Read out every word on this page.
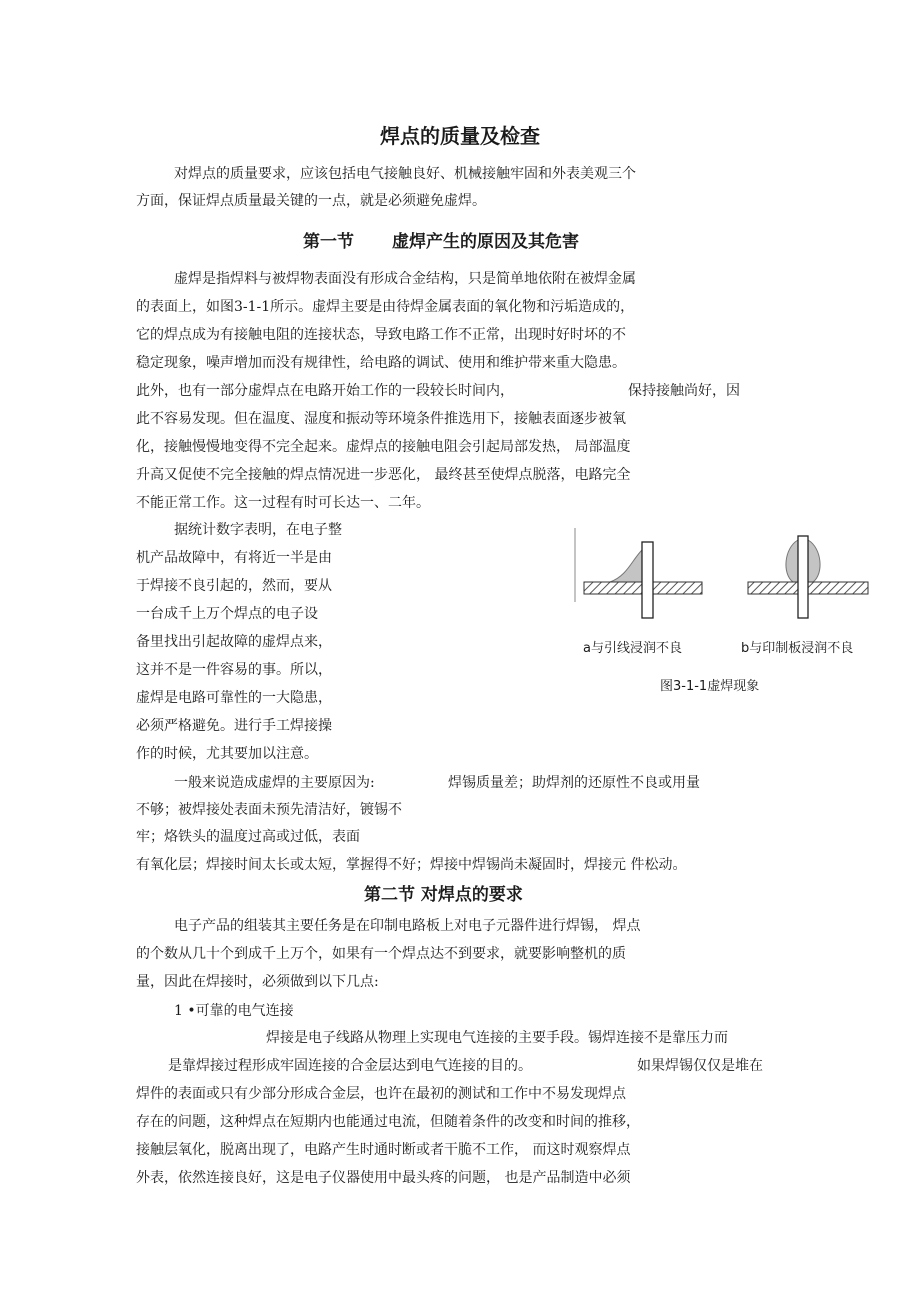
焊点的质量及检查
对焊点的质量要求，应该包括电气接触良好、机械接触牢固和外表美观三个
方面，保证焊点质量最关键的一点，就是必须避免虚焊。
第一节 虚焊产生的原因及其危害
虚焊是指焊料与被焊物表面没有形成合金结构，只是简单地依附在被焊金属
的表面上，如图3-1-1所示。虚焊主要是由待焊金属表面的氧化物和污垢造成的，
它的焊点成为有接触电阻的连接状态，导致电路工作不正常，出现时好时坏的不
稳定现象，噪声增加而没有规律性，给电路的调试、使用和维护带来重大隐患。
此外，也有一部分虚焊点在电路开始工作的一段较长时间内，	保持接触尚好，因
此不容易发现。但在温度、湿度和振动等环境条件推选用下，接触表面逐步被氧
化，接触慢慢地变得不完全起来。虚焊点的接触电阻会引起局部发热， 局部温度
升高又促使不完全接触的焊点情况进一步恶化， 最终甚至使焊点脱落，电路完全
不能正常工作。这一过程有时可长达一、二年。
据统计数字表明，在电子整
机产品故障中，有将近一半是由
于焊接不良引起的，然而，要从
一台成千上万个焊点的电子设
备里找出引起故障的虚焊点来，
这并不是一件容易的事。所以，
虚焊是电路可靠性的一大隐患，
必须严格避免。进行手工焊接操
作的时候，尤其要加以注意。
a与引线浸润不良	b与印制板浸润不良
图3-1-1虚焊现象
一般来说造成虚焊的主要原因为:	焊锡质量差；助焊剂的还原性不良或用量
不够；被焊接处表面未预先清洁好，镀锡不
牢；烙铁头的温度过高或过低，表面
有氧化层；焊接时间太长或太短，掌握得不好；焊接中焊锡尚未凝固时，焊接元 件松动。
第二节 对焊点的要求
电子产品的组装其主要任务是在印制电路板上对电子元器件进行焊锡， 焊点
的个数从几十个到成千上万个，如果有一个焊点达不到要求，就要影响整机的质
量，因此在焊接时，必须做到以下几点:
1 •可靠的电气连接
焊接是电子线路从物理上实现电气连接的主要手段。锡焊连接不是靠压力而
是靠焊接过程形成牢固连接的合金层达到电气连接的目的。	如果焊锡仅仅是堆在
焊件的表面或只有少部分形成合金层，也许在最初的测试和工作中不易发现焊点
存在的问题，这种焊点在短期内也能通过电流，但随着条件的改变和时间的推移，
接触层氧化，脱离出现了，电路产生时通时断或者干脆不工作， 而这时观察焊点
外表，依然连接良好，这是电子仪器使用中最头疼的问题， 也是产品制造中必须
